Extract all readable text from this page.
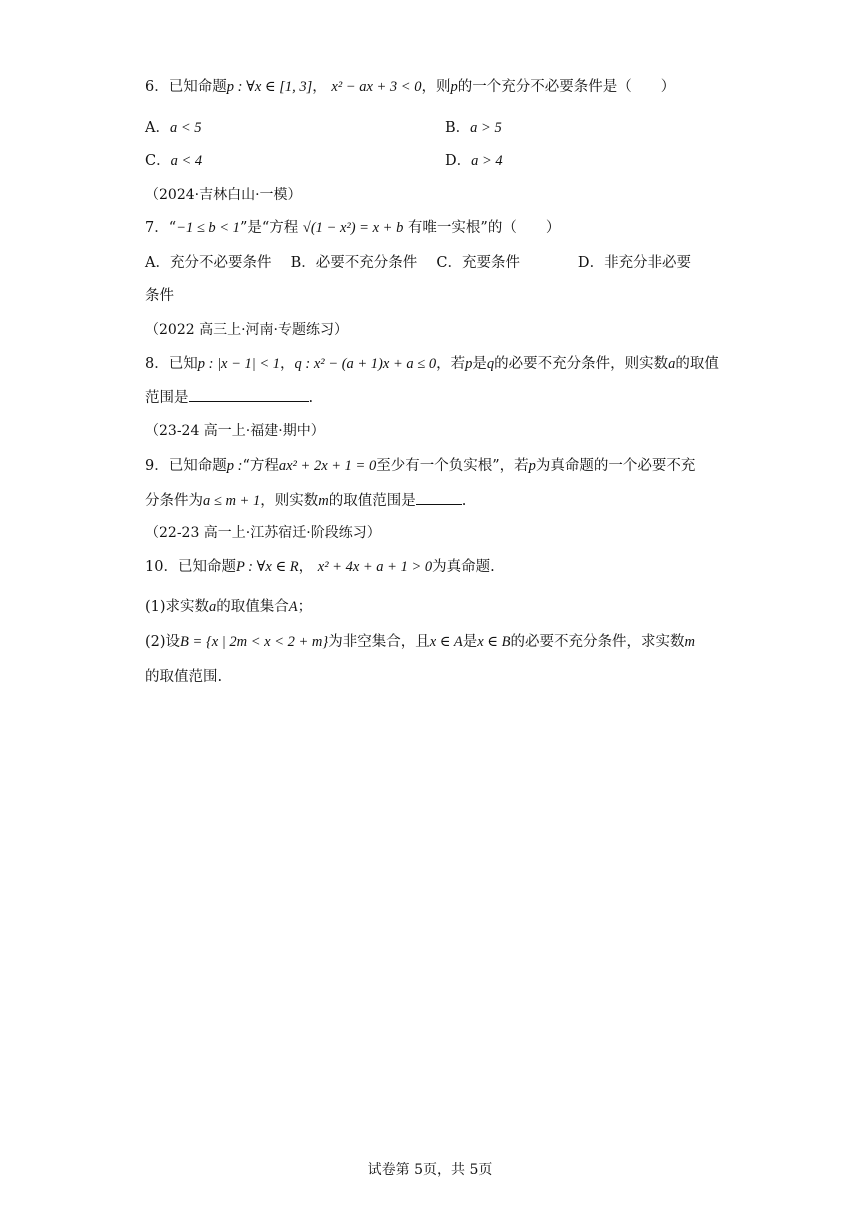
6．已知命题p : ∀x ∈ [1, 3]， x² − ax + 3 < 0，则p的一个充分不必要条件是（　　）
A．a < 5	B．a > 5
C．a < 4	D．a > 4
（2024·吉林白山·一模）
7．“−1 ≤ b < 1”是“方程 √(1 − x²) = x + b 有唯一实根”的（　　）
A．充分不必要条件　 B．必要不充分条件　 C．充要条件　　　　D．非充分非必要
条件
（2022 高三上·河南·专题练习）
8．已知p : |x − 1| < 1，q : x² − (a + 1)x + a ≤ 0，若p是q的必要不充分条件，则实数a的取值
范围是	.
（23-24 高一上·福建·期中）
9．已知命题p :“方程ax² + 2x + 1 = 0至少有一个负实根”，若p为真命题的一个必要不充
分条件为a ≤ m + 1，则实数m的取值范围是	.
（22-23 高一上·江苏宿迁·阶段练习）
10．已知命题P : ∀x ∈ R， x² + 4x + a + 1 > 0为真命题.
(1)求实数a的取值集合A；
(2)设B = {x | 2m < x < 2 + m}为非空集合，且x ∈ A是x ∈ B的必要不充分条件，求实数m
的取值范围.
试卷第 5页，共 5页
